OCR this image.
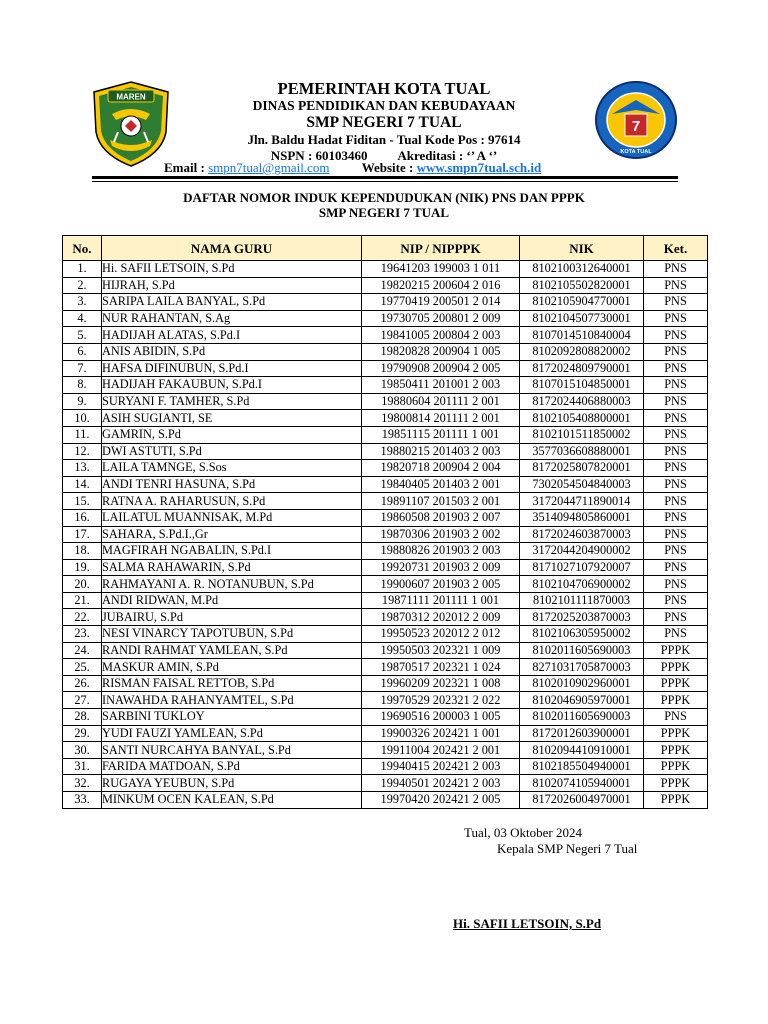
MAREN
7
KOTA TUAL
PEMERINTAH KOTA TUAL
DINAS PENDIDIKAN DAN KEBUDAYAAN
SMP NEGERI 7 TUAL
Jln. Baldu Hadat Fiditan - Tual Kode Pos : 97614
NSPN : 60103460 Akreditasi : ‘’ A ‘’
Email : smpn7tual@gmail.com Website : www.smpn7tual.sch.id
DAFTAR NOMOR INDUK KEPENDUDUKAN (NIK) PNS DAN PPPK
SMP NEGERI 7 TUAL
No.	NAMA GURU	NIP / NIPPPK	NIK	Ket.
1.	Hi. SAFII LETSOIN, S.Pd	19641203 199003 1 011	8102100312640001	PNS
2.	HIJRAH, S.Pd	19820215 200604 2 016	8102105502820001	PNS
3.	SARIPA LAILA BANYAL, S.Pd	19770419 200501 2 014	8102105904770001	PNS
4.	NUR RAHANTAN, S.Ag	19730705 200801 2 009	8102104507730001	PNS
5.	HADIJAH ALATAS, S.Pd.I	19841005 200804 2 003	8107014510840004	PNS
6.	ANIS ABIDIN, S.Pd	19820828 200904 1 005	8102092808820002	PNS
7.	HAFSA DIFINUBUN, S.Pd.I	19790908 200904 2 005	8172024809790001	PNS
8.	HADIJAH FAKAUBUN, S.Pd.I	19850411 201001 2 003	8107015104850001	PNS
9.	SURYANI F. TAMHER, S.Pd	19880604 201111 2 001	8172024406880003	PNS
10.	ASIH SUGIANTI, SE	19800814 201111 2 001	8102105408800001	PNS
11.	GAMRIN, S.Pd	19851115 201111 1 001	8102101511850002	PNS
12.	DWI ASTUTI, S.Pd	19880215 201403 2 003	3577036608880001	PNS
13.	LAILA TAMNGE, S.Sos	19820718 200904 2 004	8172025807820001	PNS
14.	ANDI TENRI HASUNA, S.Pd	19840405 201403 2 001	7302054504840003	PNS
15.	RATNA A. RAHARUSUN, S.Pd	19891107 201503 2 001	3172044711890014	PNS
16.	LAILATUL MUANNISAK, M.Pd	19860508 201903 2 007	3514094805860001	PNS
17.	SAHARA, S.Pd.I.,Gr	19870306 201903 2 002	8172024603870003	PNS
18.	MAGFIRAH NGABALIN, S.Pd.I	19880826 201903 2 003	3172044204900002	PNS
19.	SALMA RAHAWARIN, S.Pd	19920731 201903 2 009	8171027107920007	PNS
20.	RAHMAYANI A. R. NOTANUBUN, S.Pd	19900607 201903 2 005	8102104706900002	PNS
21.	ANDI RIDWAN, M.Pd	19871111 201111 1 001	8102101111870003	PNS
22.	JUBAIRU, S.Pd	19870312 202012 2 009	8172025203870003	PNS
23.	NESI VINARCY TAPOTUBUN, S.Pd	19950523 202012 2 012	8102106305950002	PNS
24.	RANDI RAHMAT YAMLEAN, S.Pd	19950503 202321 1 009	8102011605690003	PPPK
25.	MASKUR AMIN, S.Pd	19870517 202321 1 024	8271031705870003	PPPK
26.	RISMAN FAISAL RETTOB, S.Pd	19960209 202321 1 008	8102010902960001	PPPK
27.	INAWAHDA RAHANYAMTEL, S.Pd	19970529 202321 2 022	8102046905970001	PPPK
28.	SARBINI TUKLOY	19690516 200003 1 005	8102011605690003	PNS
29.	YUDI FAUZI YAMLEAN, S.Pd	19900326 202421 1 001	8172012603900001	PPPK
30.	SANTI NURCAHYA BANYAL, S.Pd	19911004 202421 2 001	8102094410910001	PPPK
31.	FARIDA MATDOAN, S.Pd	19940415 202421 2 003	8102185504940001	PPPK
32.	RUGAYA YEUBUN, S.Pd	19940501 202421 2 003	8102074105940001	PPPK
33.	MINKUM OCEN KALEAN, S.Pd	19970420 202421 2 005	8172026004970001	PPPK
Tual, 03 Oktober 2024
Kepala SMP Negeri 7 Tual
Hi. SAFII LETSOIN, S.Pd
